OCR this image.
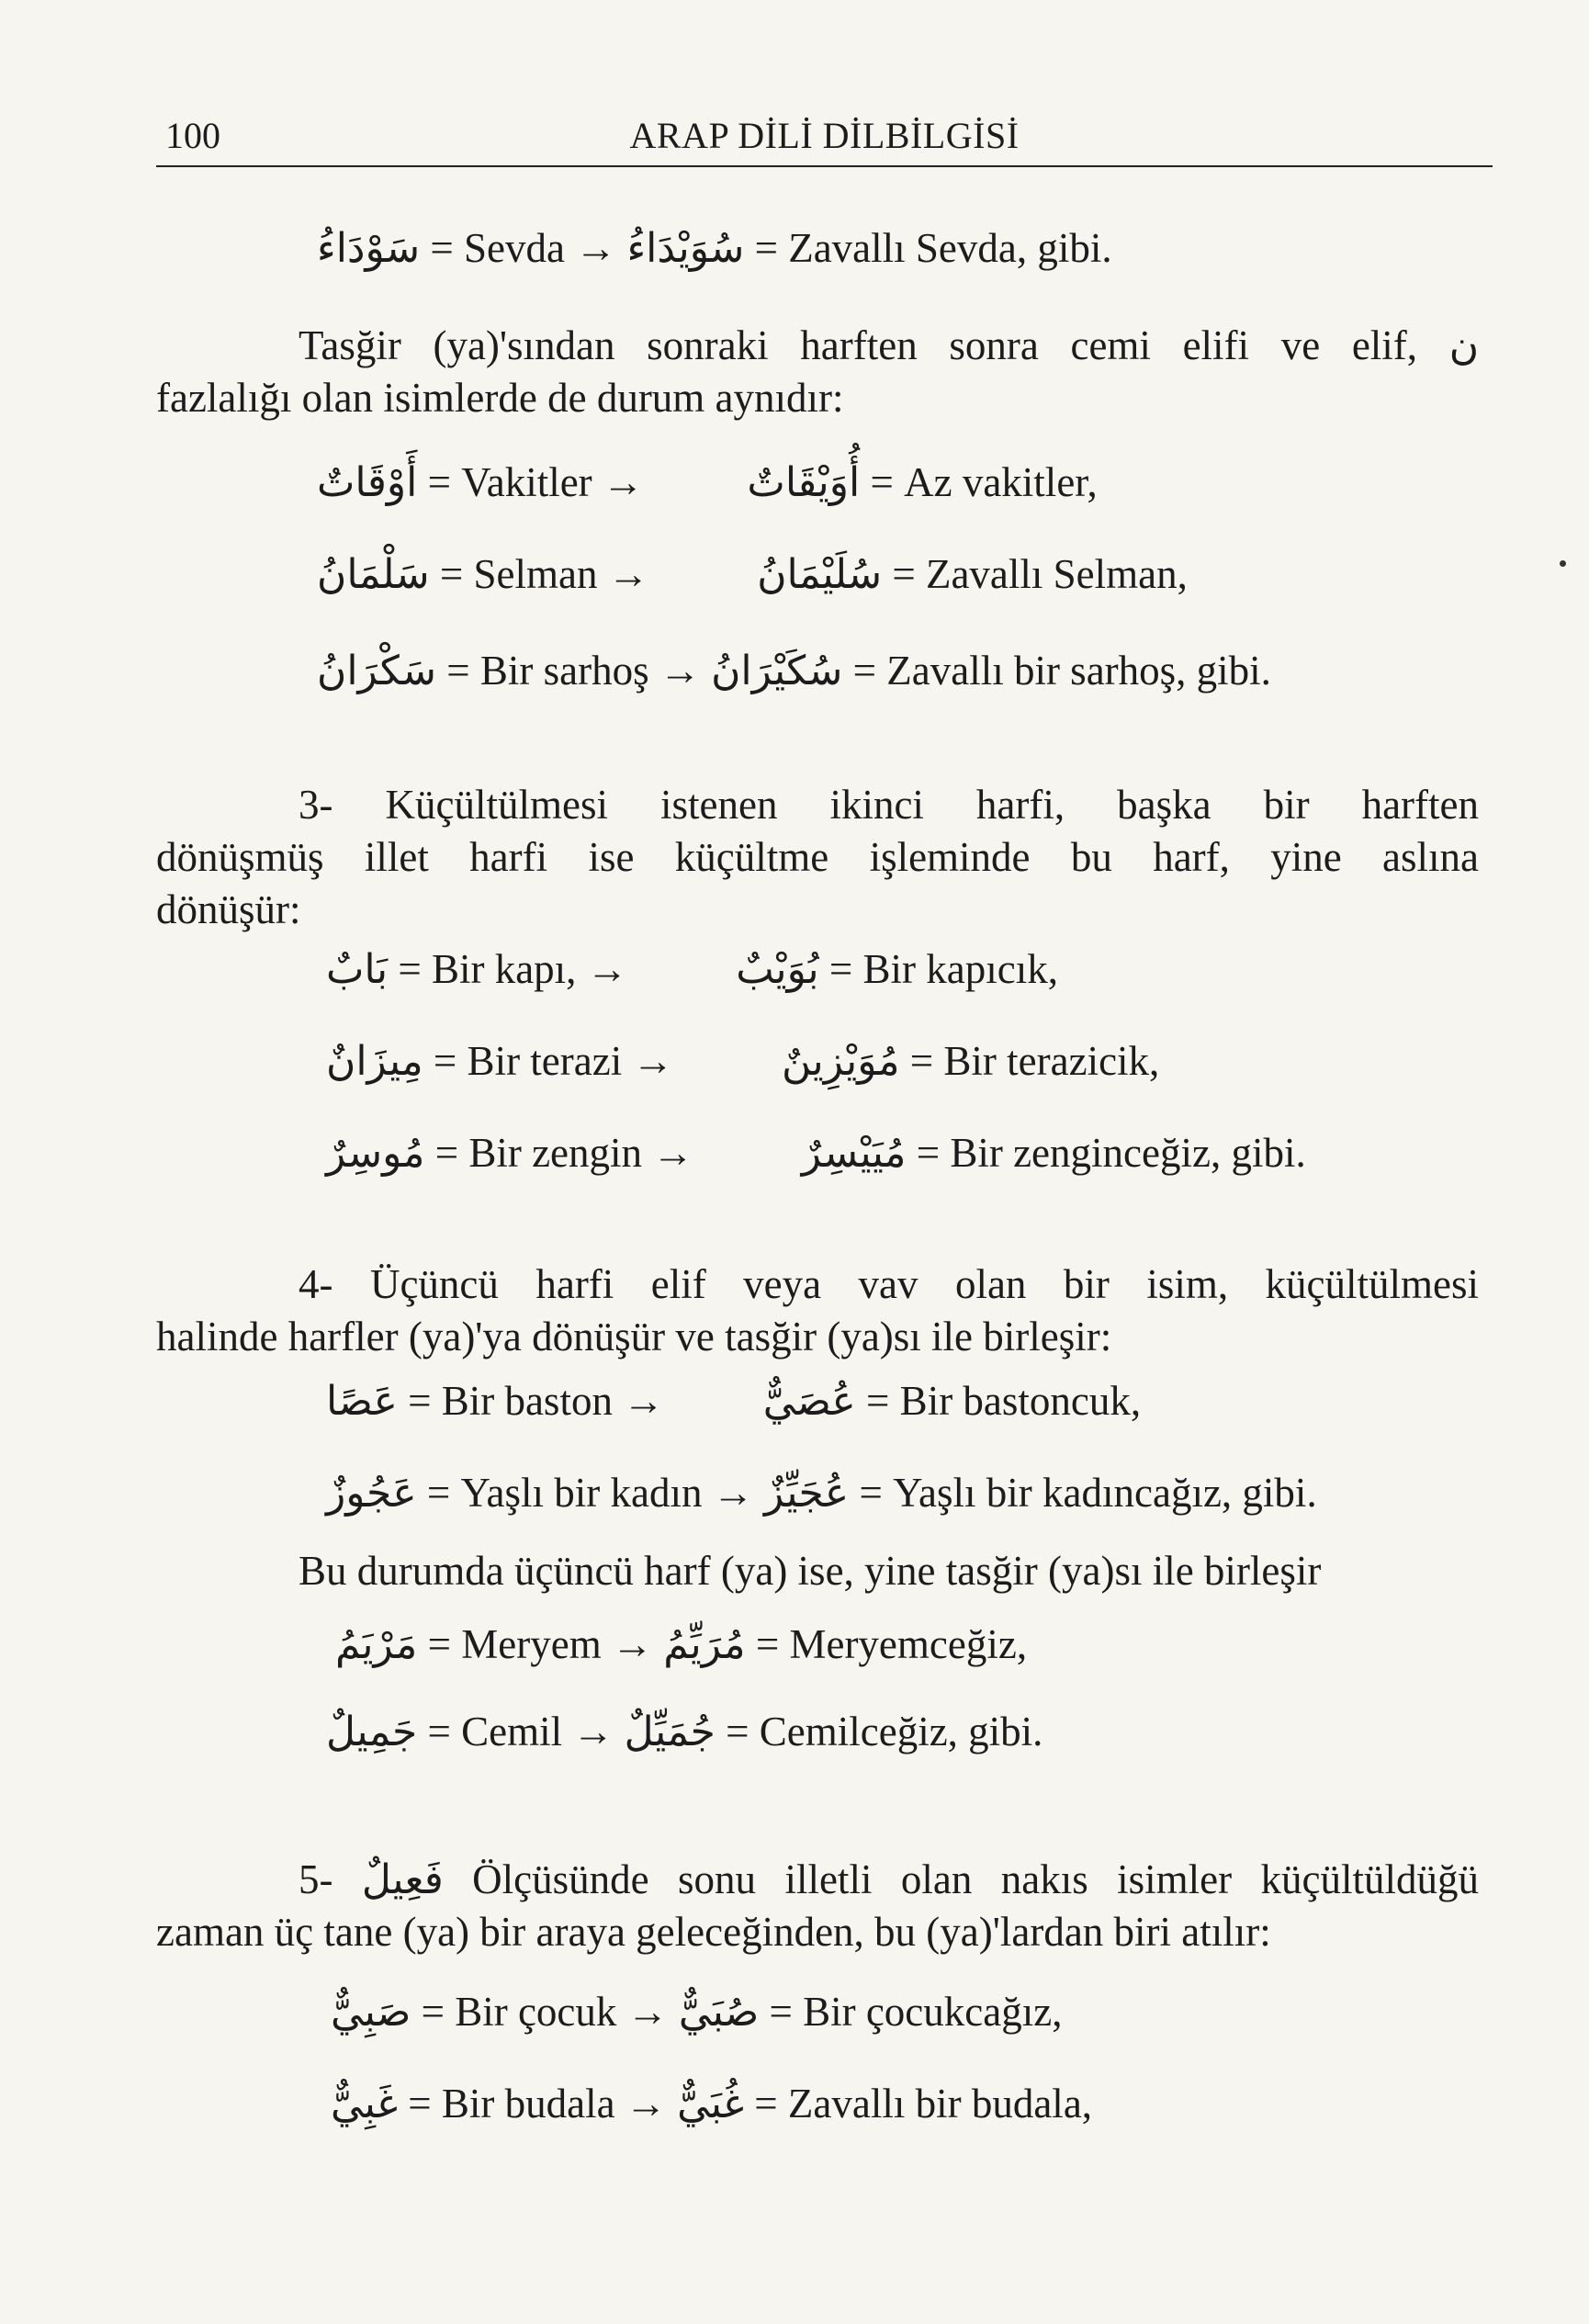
100	ARAP DİLİ DİLBİLGİSİ
سَوْدَاءُ = Sevda → سُوَيْدَاءُ = Zavallı Sevda, gibi.
Tasğir (ya)'sından sonraki harften sonra cemi elifi ve elif, ن
fazlalığı olan isimlerde de durum aynıdır:
أَوْقَاتٌ = Vakitler →	أُوَيْقَاتٌ = Az vakitler,
سَلْمَانُ = Selman →	سُلَيْمَانُ = Zavallı Selman,
سَكْرَانُ = Bir sarhoş → سُكَيْرَانُ = Zavallı bir sarhoş, gibi.
3- Küçültülmesi istenen ikinci harfi, başka bir harften
dönüşmüş illet harfi ise küçültme işleminde bu harf, yine aslına
dönüşür:
بَابٌ = Bir kapı, →	بُوَيْبٌ = Bir kapıcık,
مِيزَانٌ = Bir terazi →	مُوَيْزِينٌ = Bir terazicik,
مُوسِرٌ = Bir zengin →	مُيَيْسِرٌ = Bir zenginceğiz, gibi.
4- Üçüncü harfi elif veya vav olan bir isim, küçültülmesi
halinde harfler (ya)'ya dönüşür ve tasğir (ya)sı ile birleşir:
عَصًا = Bir baston → عُصَيٌّ = Bir bastoncuk,
عَجُوزٌ = Yaşlı bir kadın → عُجَيِّزٌ = Yaşlı bir kadıncağız, gibi.
Bu durumda üçüncü harf (ya) ise, yine tasğir (ya)sı ile birleşir
مَرْيَمُ = Meryem → مُرَيِّمُ = Meryemceğiz,
جَمِيلٌ = Cemil → جُمَيِّلٌ = Cemilceğiz, gibi.
5- فَعِيلٌ Ölçüsünde sonu illetli olan nakıs isimler küçültüldüğü
zaman üç tane (ya) bir araya geleceğinden, bu (ya)'lardan biri atılır:
صَبِيٌّ = Bir çocuk → صُبَيٌّ = Bir çocukcağız,
غَبِيٌّ = Bir budala → غُبَيٌّ = Zavallı bir budala,
